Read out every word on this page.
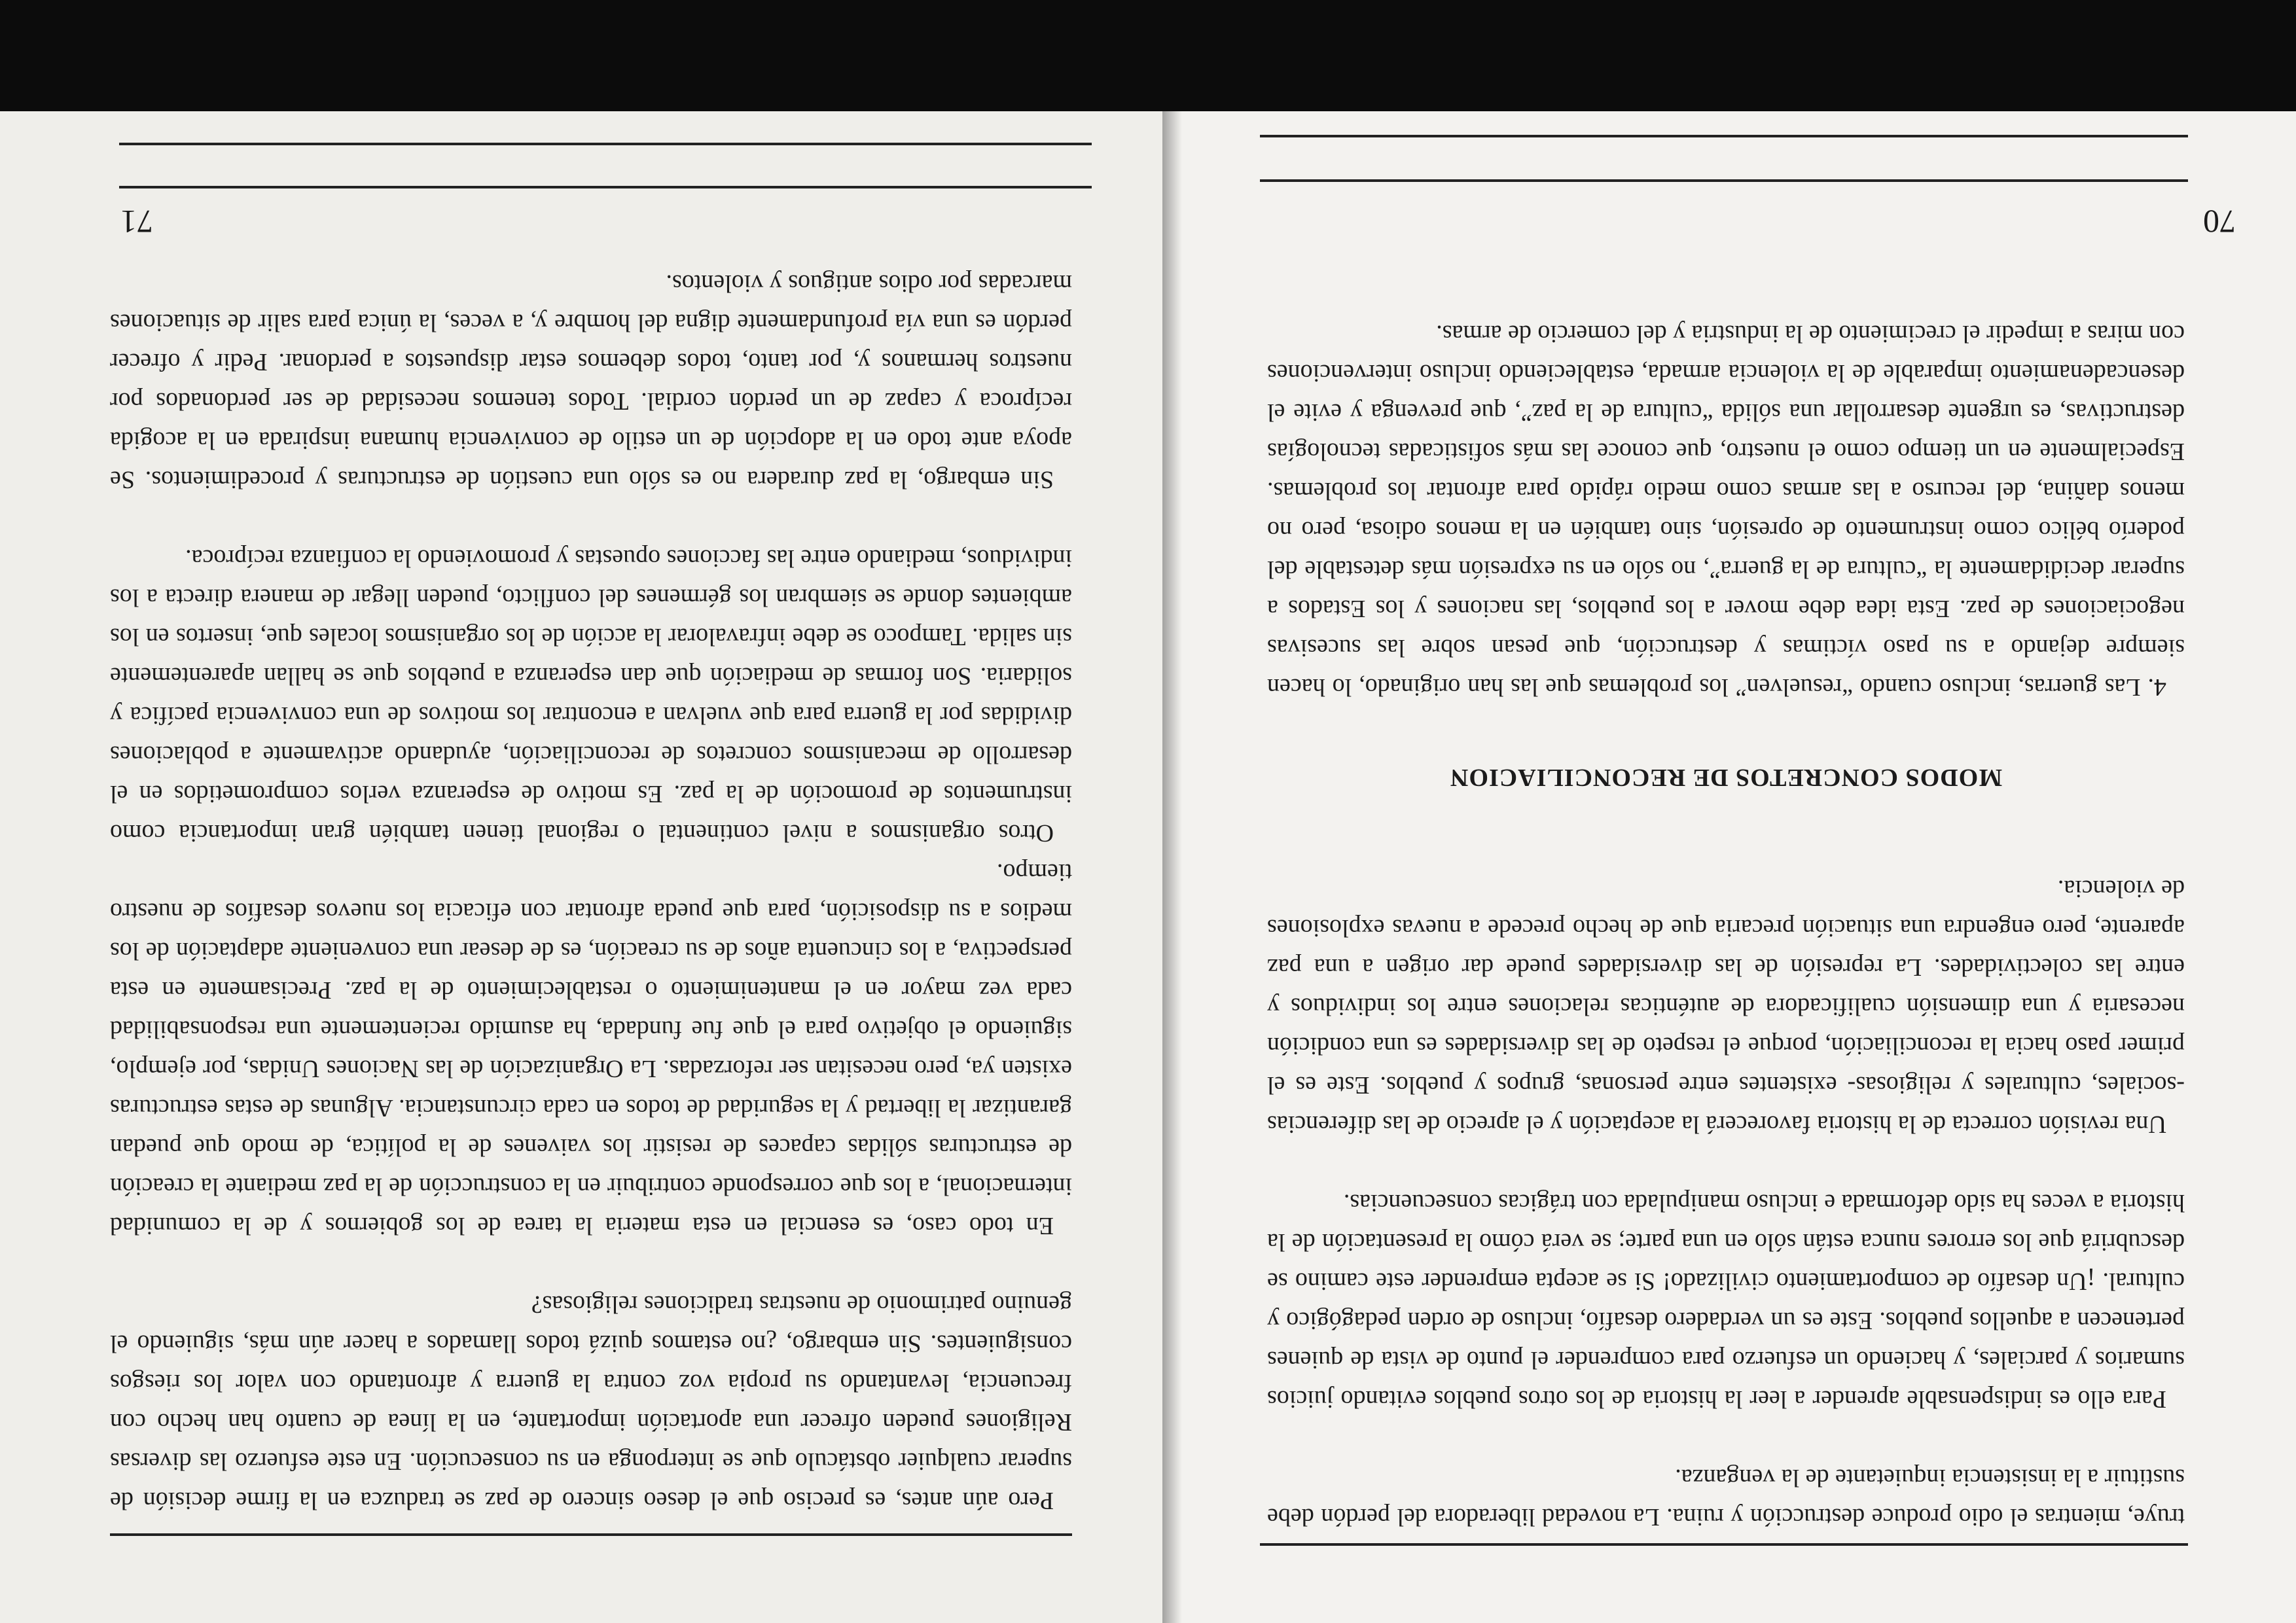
truye, mientras el odio produce destrucción y ruina. La novedad liberadora del perdón debe sustituir a la insistencia inquietante de la venganza.

Para ello es indispensable aprender a leer la historia de los otros pueblos evitando juicios sumarios y parciales, y haciendo un esfuerzo para comprender el punto de vista de quienes pertenecen a aquellos pueblos. Este es un verdadero desafío, incluso de orden pedagógico y cultural. ¡Un desafío de comportamiento civilizado! Si se acepta emprender este camino se descubrirá que los errores nunca están sólo en una parte; se verá cómo la presentación de la historia a veces ha sido deformada e incluso manipulada con trágicas consecuencias.

Una revisión correcta de la historia favorecerá la aceptación y el aprecio de las diferencias -sociales, culturales y religiosas- existentes entre personas, grupos y pueblos. Este es el primer paso hacia la reconciliación, porque el respeto de las diversidades es una condición necesaria y una dimensión cualificadora de auténticas relaciones entre los individuos y entre las colectividades. La represión de las diversidades puede dar origen a una paz aparente, pero engendra una situación precaria que de hecho precede a nuevas explosiones de violencia.

MODOS CONCRETOS DE RECONCILIACION

4. Las guerras, incluso cuando “resuelven” los problemas que las han originado, lo hacen siempre dejando a su paso víctimas y destrucción, que pesan sobre las sucesivas negociaciones de paz. Esta idea debe mover a los pueblos, las naciones y los Estados a superar decididamente la “cultura de la guerra”, no sólo en su expresión más detestable del poderío bélico como instrumento de opresión, sino también en la menos odiosa, pero no menos dañina, del recurso a las armas como medio rápido para afrontar los problemas. Especialmente en un tiempo como el nuestro, que conoce las más sofisticadas tecnologías destructivas, es urgente desarrollar una sólida “cultura de la paz”, que prevenga y evite el desencadenamiento imparable de la violencia armada, estableciendo incluso intervenciones con miras a impedir el crecimiento de la industria y del comercio de armas.

70

Pero aún antes, es preciso que el deseo sincero de paz se traduzca en la firme decisión de superar cualquier obstáculo que se interponga en su consecución. En este esfuerzo las diversas Religiones pueden ofrecer una aportación importante, en la línea de cuanto han hecho con frecuencia, levantando su propia voz contra la guerra y afrontando con valor los riesgos consiguientes. Sin embargo, ¿no estamos quizá todos llamados a hacer aún más, siguiendo el genuino patrimonio de nuestras tradiciones religiosas?

En todo caso, es esencial en esta materia la tarea de los gobiernos y de la comunidad internacional, a los que corresponde contribuir en la construcción de la paz mediante la creación de estructuras sólidas capaces de resistir los vaivenes de la política, de modo que puedan garantizar la libertad y la seguridad de todos en cada circunstancia. Algunas de estas estructuras existen ya, pero necesitan ser reforzadas. La Organización de las Naciones Unidas, por ejemplo, siguiendo el objetivo para el que fue fundada, ha asumido recientemente una responsabilidad cada vez mayor en el mantenimiento o restablecimiento de la paz. Precisamente en esta perspectiva, a los cincuenta años de su creación, es de desear una conveniente adaptación de los medios a su disposición, para que pueda afrontar con eficacia los nuevos desafíos de nuestro tiempo.

Otros organismos a nivel continental o regional tienen también gran importancia como instrumentos de promoción de la paz. Es motivo de esperanza verlos comprometidos en el desarrollo de mecanismos concretos de reconciliación, ayudando activamente a poblaciones divididas por la guerra para que vuelvan a encontrar los motivos de una convivencia pacífica y solidaria. Son formas de mediación que dan esperanza a pueblos que se hallan aparentemente sin salida. Tampoco se debe infravalorar la acción de los organismos locales que, insertos en los ambientes donde se siembran los gérmenes del conflicto, pueden llegar de manera directa a los individuos, mediando entre las facciones opuestas y promoviendo la confianza recíproca.

Sin embargo, la paz duradera no es sólo una cuestión de estructuras y procedimientos. Se apoya ante todo en la adopción de un estilo de convivencia humana inspirada en la acogida recíproca y capaz de un perdón cordial. Todos tenemos necesidad de ser perdonados por nuestros hermanos y, por tanto, todos debemos estar dispuestos a perdonar. Pedir y ofrecer perdón es una vía profundamente digna del hombre y, a veces, la única para salir de situaciones marcadas por odios antiguos y violentos.

71
